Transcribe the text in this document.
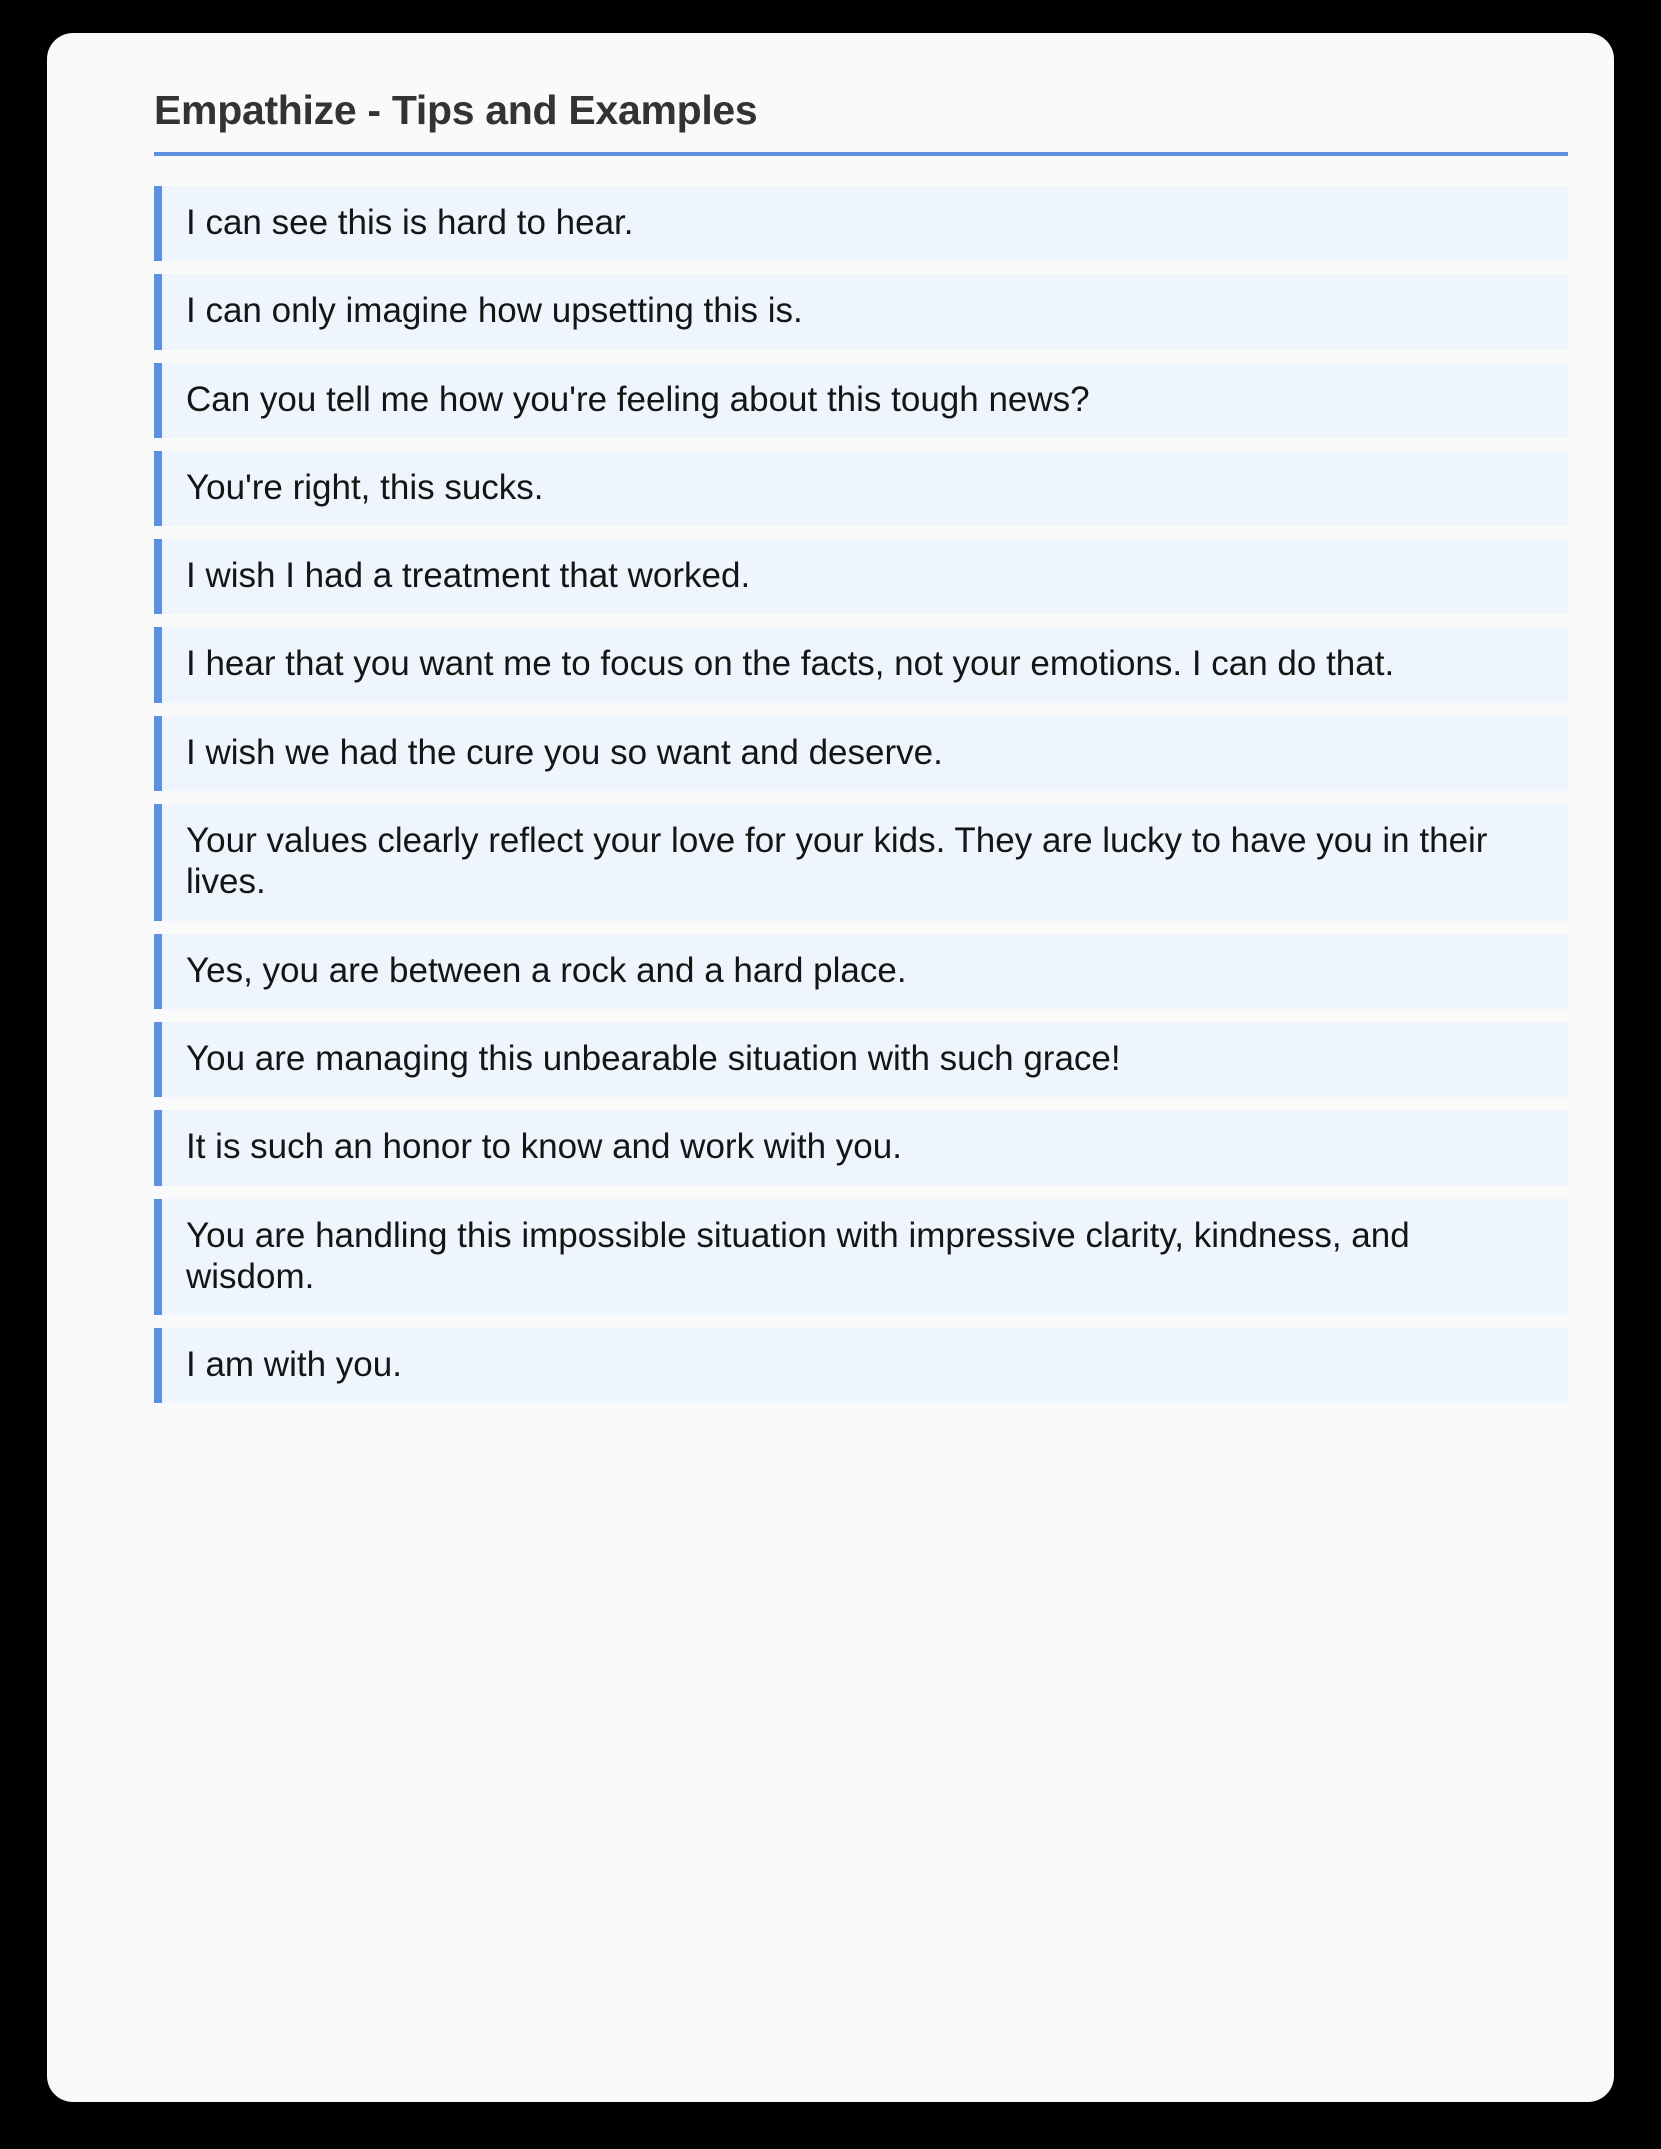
Empathize - Tips and Examples
I can see this is hard to hear.
I can only imagine how upsetting this is.
Can you tell me how you're feeling about this tough news?
You're right, this sucks.
I wish I had a treatment that worked.
I hear that you want me to focus on the facts, not your emotions. I can do that.
I wish we had the cure you so want and deserve.
Your values clearly reflect your love for your kids. They are lucky to have you in their lives.
Yes, you are between a rock and a hard place.
You are managing this unbearable situation with such grace!
It is such an honor to know and work with you.
You are handling this impossible situation with impressive clarity, kindness, and wisdom.
I am with you.
